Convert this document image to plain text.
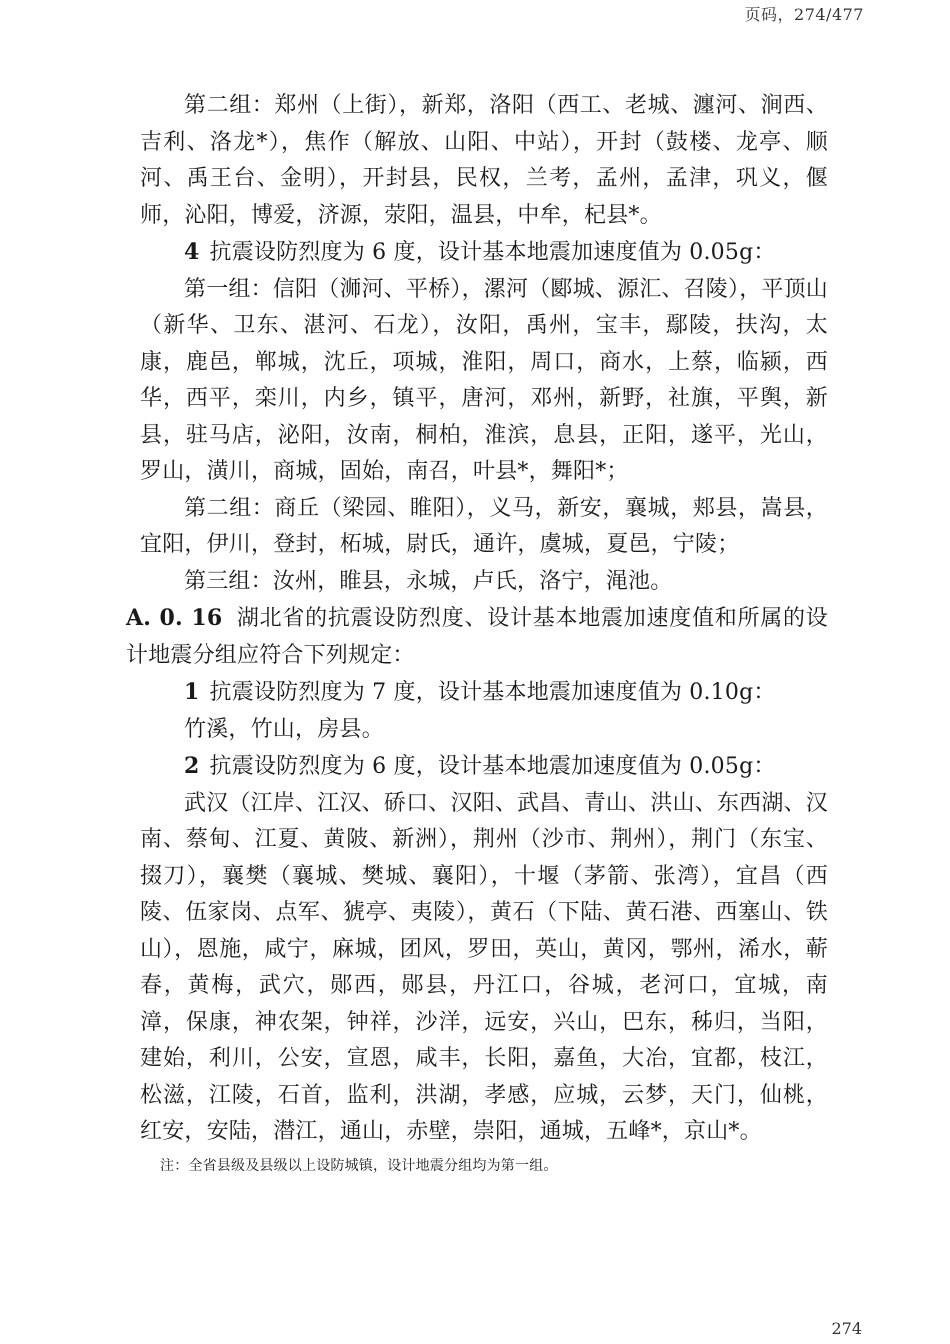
页码，274/477

第二组：郑州（上街），新郑，洛阳（西工、老城、瀍河、涧西、吉利、洛龙*），焦作（解放、山阳、中站），开封（鼓楼、龙亭、顺河、禹王台、金明），开封县，民权，兰考，孟州，孟津，巩义，偃师，沁阳，博爱，济源，荥阳，温县，中牟，杞县*。

4 抗震设防烈度为 6 度，设计基本地震加速度值为 0.05g：

第一组：信阳（浉河、平桥），漯河（郾城、源汇、召陵），平顶山（新华、卫东、湛河、石龙），汝阳，禹州，宝丰，鄢陵，扶沟，太康，鹿邑，郸城，沈丘，项城，淮阳，周口，商水，上蔡，临颍，西华，西平，栾川，内乡，镇平，唐河，邓州，新野，社旗，平舆，新县，驻马店，泌阳，汝南，桐柏，淮滨，息县，正阳，遂平，光山，罗山，潢川，商城，固始，南召，叶县*，舞阳*；

第二组：商丘（梁园、睢阳），义马，新安，襄城，郏县，嵩县，宜阳，伊川，登封，柘城，尉氏，通许，虞城，夏邑，宁陵；

第三组：汝州，睢县，永城，卢氏，洛宁，渑池。

A. 0. 16 湖北省的抗震设防烈度、设计基本地震加速度值和所属的设计地震分组应符合下列规定：

1 抗震设防烈度为 7 度，设计基本地震加速度值为 0.10g：

竹溪，竹山，房县。

2 抗震设防烈度为 6 度，设计基本地震加速度值为 0.05g：

武汉（江岸、江汉、硚口、汉阳、武昌、青山、洪山、东西湖、汉南、蔡甸、江夏、黄陂、新洲），荆州（沙市、荆州），荆门（东宝、掇刀），襄樊（襄城、樊城、襄阳），十堰（茅箭、张湾），宜昌（西陵、伍家岗、点军、猇亭、夷陵），黄石（下陆、黄石港、西塞山、铁山），恩施，咸宁，麻城，团风，罗田，英山，黄冈，鄂州，浠水，蕲春，黄梅，武穴，郧西，郧县，丹江口，谷城，老河口，宜城，南漳，保康，神农架，钟祥，沙洋，远安，兴山，巴东，秭归，当阳，建始，利川，公安，宣恩，咸丰，长阳，嘉鱼，大冶，宜都，枝江，松滋，江陵，石首，监利，洪湖，孝感，应城，云梦，天门，仙桃，红安，安陆，潜江，通山，赤壁，崇阳，通城，五峰*，京山*。

注：全省县级及县级以上设防城镇，设计地震分组均为第一组。

274
